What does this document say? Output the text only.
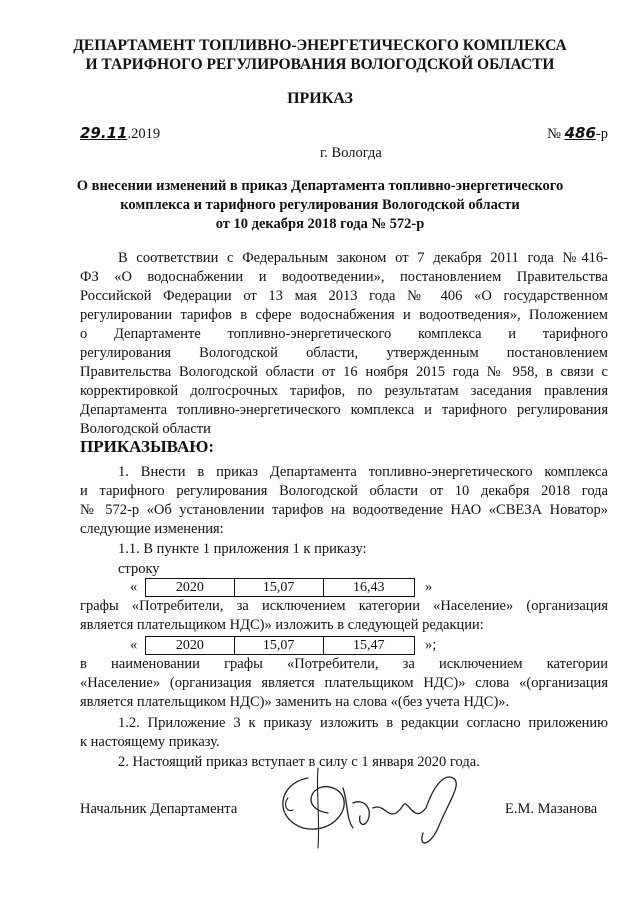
ДЕПАРТАМЕНТ ТОПЛИВНО-ЭНЕРГЕТИЧЕСКОГО КОМПЛЕКСА
И ТАРИФНОГО РЕГУЛИРОВАНИЯ ВОЛОГОДСКОЙ ОБЛАСТИ
ПРИКАЗ
29.11.2019	№ 486-р
г. Вологда
О внесении изменений в приказ Департамента топливно-энергетического
комплекса и тарифного регулирования Вологодской области
от 10 декабря 2018 года № 572-р
В соответствии с Федеральным законом от 7 декабря 2011 года №416-
ФЗ «О водоснабжении и водоотведении», постановлением Правительства
Российской Федерации от 13 мая 2013 года № 406 «О государственном
регулировании тарифов в сфере водоснабжения и водоотведения», Положением
о Департаменте топливно-энергетического комплекса и тарифного
регулирования Вологодской области, утвержденным постановлением
Правительства Вологодской области от 16 ноября 2015 года № 958, в связи с
корректировкой долгосрочных тарифов, по результатам заседания правления
Департамента топливно-энергетического комплекса и тарифного регулирования
Вологодской области
ПРИКАЗЫВАЮ:
1. Внести в приказ Департамента топливно-энергетического комплекса
и тарифного регулирования Вологодской области от 10 декабря 2018 года
№ 572-р «Об установлении тарифов на водоотведение НАО «СВЕЗА Новатор»
следующие изменения:
1.1. В пункте 1 приложения 1 к приказу:
строку
«	2020	15,07	16,43	»
графы «Потребители, за исключением категории «Население» (организация
является плательщиком НДС)» изложить в следующей редакции:
«	2020	15,07	15,47	»;
в наименовании графы «Потребители, за исключением категории
«Население» (организация является плательщиком НДС)» слова «(организация
является плательщиком НДС)» заменить на слова «(без учета НДС)».
1.2. Приложение 3 к приказу изложить в редакции согласно приложению
к настоящему приказу.
2. Настоящий приказ вступает в силу с 1 января 2020 года.
Начальник Департамента	Е.М. Мазанова
